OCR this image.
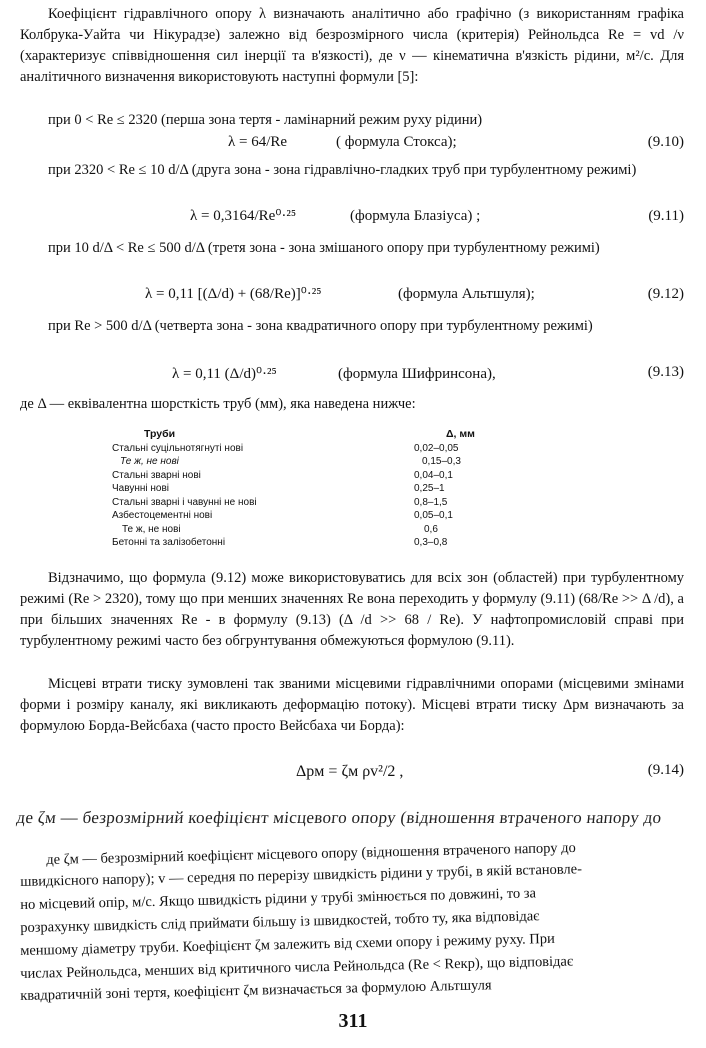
Коефіцієнт гідравлічного опору λ визначають аналітично або графічно (з використанням графіка Колбрука-Уайта чи Нікурадзе) залежно від безрозмірного числа (критерія) Рейнольдса Re = vd /ν (характеризує співвідношення сил інерції та в'язкості), де ν — кінематична в'язкість рідини, м²/с. Для аналітичного визначення використовують наступні формули [5]:
при 0 < Re ≤ 2320 (перша зона тертя - ламінарний режим руху рідини)
λ = 64/Re	( формула Стокса);	(9.10)
при 2320 < Re ≤ 10 d/Δ (друга зона - зона гідравлічно-гладких труб при турбулентному режимі)
λ = 0,3164/Re⁰·²⁵	(формула Блазіуса) ;	(9.11)
при 10 d/Δ < Re ≤ 500 d/Δ (третя зона - зона змішаного опору при турбулентному режимі)
λ = 0,11 [(Δ/d) + (68/Re)]⁰·²⁵	(формула Альтшуля);	(9.12)
при Re > 500 d/Δ (четверта зона - зона квадратичного опору при турбулентному режимі)
λ = 0,11 (Δ/d)⁰·²⁵	(формула Шифринсона),	(9.13)
де Δ — еквівалентна шорсткість труб (мм), яка наведена нижче:
Труби	Δ, мм
Стальні суцільнотягнуті нові	0,02–0,05
Те ж, не нові	0,15–0,3
Стальні зварні нові	0,04–0,1
Чавунні нові	0,25–1
Стальні зварні і чавунні не нові	0,8–1,5
Азбестоцементні нові	0,05–0,1
Те ж, не нові	0,6
Бетонні та залізобетонні	0,3–0,8
Відзначимо, що формула (9.12) може використовуватись для всіх зон (областей) при турбулентному режимі (Re > 2320), тому що при менших значеннях Re вона переходить у формулу (9.11) (68/Re >> Δ /d), а при більших значеннях Re - в формулу (9.13) (Δ /d >> 68 / Re). У нафтопромисловій справі при турбулентному режимі часто без обгрунтування обмежуються формулою (9.11).
Місцеві втрати тиску зумовлені так званими місцевими гідравлічними опорами (місцевими змінами форми і розміру каналу, які викликають деформацію потоку). Місцеві втрати тиску Δpм визначають за формулою Борда-Вейсбаха (часто просто Вейсбаха чи Борда):
Δpм = ζм ρv²/2 ,	(9.14)
де ζм — безрозмірний коефіцієнт місцевого опору (відношення втраченого напору до
де ζм — безрозмірний коефіцієнт місцевого опору (відношення втраченого напору до
швидкісного напору); v — середня по перерізу швидкість рідини у трубі, в якій встановле-
но місцевий опір, м/с. Якщо швидкість рідини у трубі змінюється по довжині, то за
розрахунку швидкість слід приймати більшу із швидкостей, тобто ту, яка відповідає
меншому діаметру труби. Коефіцієнт ζм залежить від схеми опору і режиму руху. При
числах Рейнольдса, менших від критичного числа Рейнольдса (Re < Reкр), що відповідає
квадратичній зоні тертя, коефіцієнт ζм визначається за формулою Альтшуля
311
